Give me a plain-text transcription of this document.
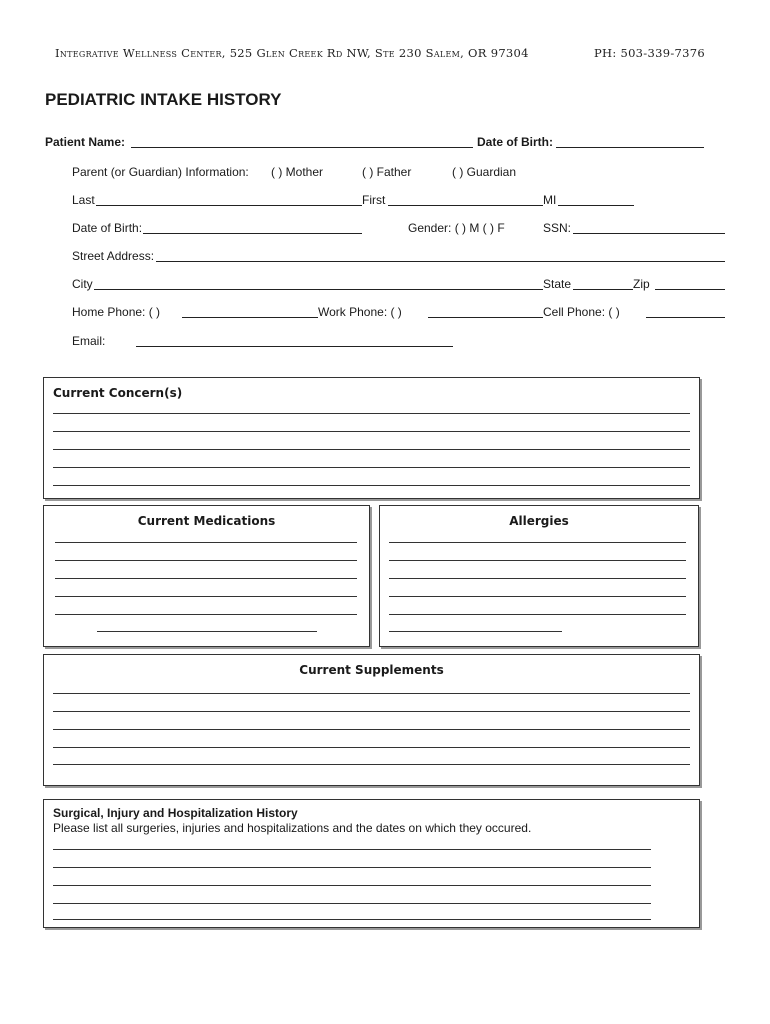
Integrative Wellness Center, 525 Glen Creek Rd NW, Ste 230 Salem, OR 97304	PH: 503-339-7376
PEDIATRIC INTAKE HISTORY
Patient Name:	Date of Birth:
Parent (or Guardian) Information: ( ) Mother	( ) Father	( ) Guardian
Last	First	MI
Date of Birth:	Gender: ( ) M ( ) F	SSN:
Street Address:
City	State	Zip
Home Phone: ( )	Work Phone: ( )	Cell Phone: ( )
Email:
Current Concern(s)
Current Medications	Allergies
Current Supplements
Surgical, Injury and Hospitalization History
Please list all surgeries, injuries and hospitalizations and the dates on which they occured.
